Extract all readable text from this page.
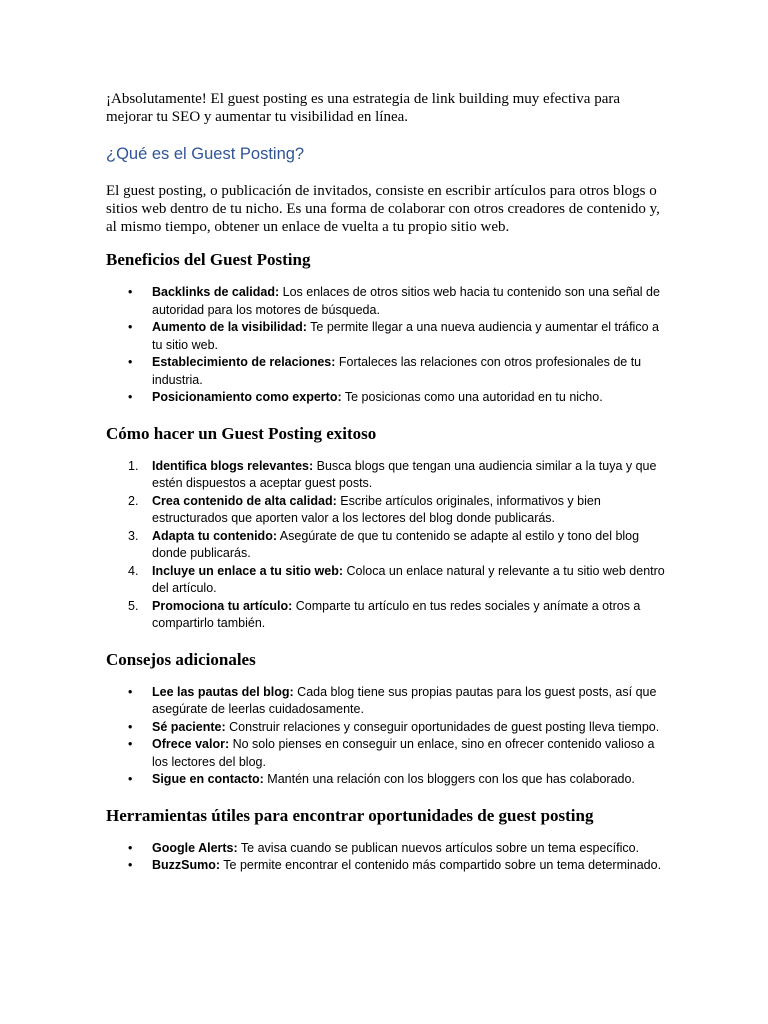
¡Absolutamente! El guest posting es una estrategia de link building muy efectiva para mejorar tu SEO y aumentar tu visibilidad en línea.

¿Qué es el Guest Posting?

El guest posting, o publicación de invitados, consiste en escribir artículos para otros blogs o sitios web dentro de tu nicho. Es una forma de colaborar con otros creadores de contenido y, al mismo tiempo, obtener un enlace de vuelta a tu propio sitio web.

Beneficios del Guest Posting
• Backlinks de calidad: Los enlaces de otros sitios web hacia tu contenido son una señal de autoridad para los motores de búsqueda.
• Aumento de la visibilidad: Te permite llegar a una nueva audiencia y aumentar el tráfico a tu sitio web.
• Establecimiento de relaciones: Fortaleces las relaciones con otros profesionales de tu industria.
• Posicionamiento como experto: Te posicionas como una autoridad en tu nicho.
Cómo hacer un Guest Posting exitoso
1. Identifica blogs relevantes: Busca blogs que tengan una audiencia similar a la tuya y que estén dispuestos a aceptar guest posts.
2. Crea contenido de alta calidad: Escribe artículos originales, informativos y bien estructurados que aporten valor a los lectores del blog donde publicarás.
3. Adapta tu contenido: Asegúrate de que tu contenido se adapte al estilo y tono del blog donde publicarás.
4. Incluye un enlace a tu sitio web: Coloca un enlace natural y relevante a tu sitio web dentro del artículo.
5. Promociona tu artículo: Comparte tu artículo en tus redes sociales y anímate a otros a compartirlo también.
Consejos adicionales
• Lee las pautas del blog: Cada blog tiene sus propias pautas para los guest posts, así que asegúrate de leerlas cuidadosamente.
• Sé paciente: Construir relaciones y conseguir oportunidades de guest posting lleva tiempo.
• Ofrece valor: No solo pienses en conseguir un enlace, sino en ofrecer contenido valioso a los lectores del blog.
• Sigue en contacto: Mantén una relación con los bloggers con los que has colaborado.
Herramientas útiles para encontrar oportunidades de guest posting
• Google Alerts: Te avisa cuando se publican nuevos artículos sobre un tema específico.
• BuzzSumo: Te permite encontrar el contenido más compartido sobre un tema determinado.
